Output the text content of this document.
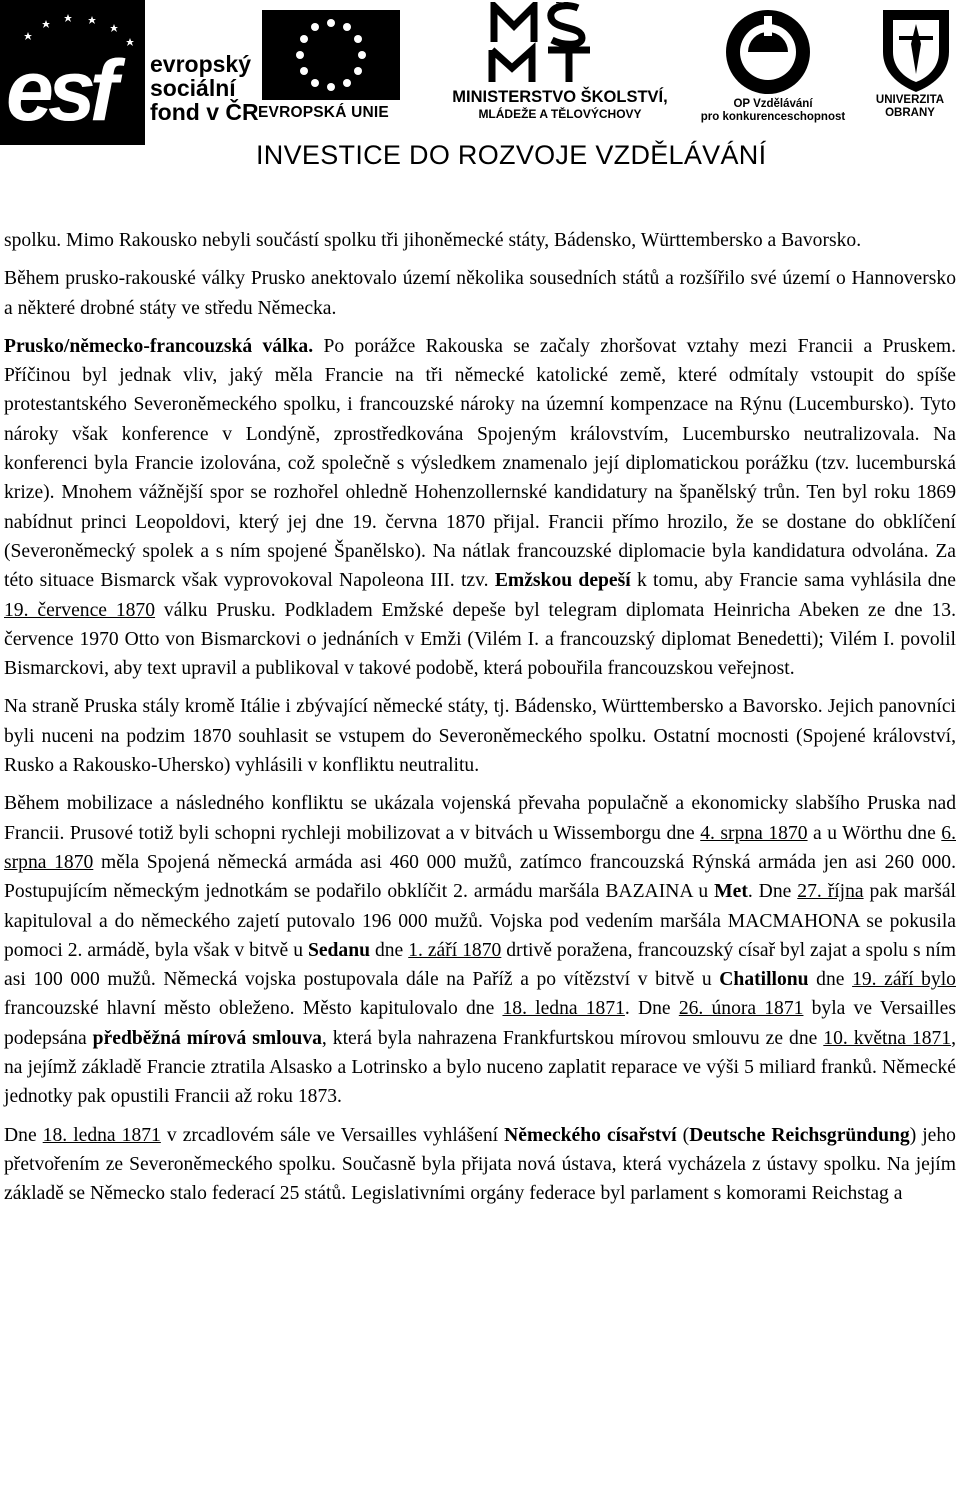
esf evropský
sociální
fond v ČR EVROPSKÁ UNIE
MINISTERSTVO ŠKOLSTVÍ,
MLÁDEŽE A TĚLOVÝCHOVY
OP Vzdělávání
pro konkurenceschopnost
UNIVERZITA
OBRANY
INVESTICE DO ROZVOJE VZDĚLÁVÁNÍ

spolku. Mimo Rakousko nebyli součástí spolku tři jihoněmecké státy, Bádensko, Württembersko a Bavorsko.

Během prusko-rakouské války Prusko anektovalo území několika sousedních států a rozšířilo své území o Hannoversko a některé drobné státy ve středu Německa.

Prusko/německo-francouzská válka. Po porážce Rakouska se začaly zhoršovat vztahy mezi Francii a Pruskem. Příčinou byl jednak vliv, jaký měla Francie na tři německé katolické země, které odmítaly vstoupit do spíše protestantského Severoněmeckého spolku, i francouzské nároky na územní kompenzace na Rýnu (Lucembursko). Tyto nároky však konference v Londýně, zprostředkována Spojeným královstvím, Lucembursko neutralizovala. Na konferenci byla Francie izolována, což společně s výsledkem znamenalo její diplomatickou porážku (tzv. lucemburská krize). Mnohem vážnější spor se rozhořel ohledně Hohenzollernské kandidatury na španělský trůn. Ten byl roku 1869 nabídnut princi Leopoldovi, který jej dne 19. června 1870 přijal. Francii přímo hrozilo, že se dostane do obklíčení (Severoněmecký spolek a s ním spojené Španělsko). Na nátlak francouzské diplomacie byla kandidatura odvolána. Za této situace Bismarck však vyprovokoval Napoleona III. tzv. Emžskou depeší k tomu, aby Francie sama vyhlásila dne 19. července 1870 válku Prusku. Podkladem Emžské depeše byl telegram diplomata Heinricha Abeken ze dne 13. července 1970 Otto von Bismarckovi o jednáních v Emži (Vilém I. a francouzský diplomat Benedetti); Vilém I. povolil Bismarckovi, aby text upravil a publikoval v takové podobě, která pobouřila francouzskou veřejnost.

Na straně Pruska stály kromě Itálie i zbývající německé státy, tj. Bádensko, Württembersko a Bavorsko. Jejich panovníci byli nuceni na podzim 1870 souhlasit se vstupem do Severoněmeckého spolku. Ostatní mocnosti (Spojené království, Rusko a Rakousko-Uhersko) vyhlásili v konfliktu neutralitu.

Během mobilizace a následného konfliktu se ukázala vojenská převaha populačně a ekonomicky slabšího Pruska nad Francii. Prusové totiž byli schopni rychleji mobilizovat a v bitvách u Wissemborgu dne 4. srpna 1870 a u Wörthu dne 6. srpna 1870 měla Spojená německá armáda asi 460 000 mužů, zatímco francouzská Rýnská armáda jen asi 260 000. Postupujícím německým jednotkám se podařilo obklíčit 2. armádu maršála BAZAINA u Met. Dne 27. října pak maršál kapituloval a do německého zajetí putovalo 196 000 mužů. Vojska pod vedením maršála MACMAHONA se pokusila pomoci 2. armádě, byla však v bitvě u Sedanu dne 1. září 1870 drtivě poražena, francouzský císař byl zajat a spolu s ním asi 100 000 mužů. Německá vojska postupovala dále na Paříž a po vítězství v bitvě u Chatillonu dne 19. září bylo francouzské hlavní město obleženo. Město kapitulovalo dne 18. ledna 1871. Dne 26. února 1871 byla ve Versailles podepsána předběžná mírová smlouva, která byla nahrazena Frankfurtskou mírovou smlouvu ze dne 10. května 1871, na jejímž základě Francie ztratila Alsasko a Lotrinsko a bylo nuceno zaplatit reparace ve výši 5 miliard franků. Německé jednotky pak opustili Francii až roku 1873.

Dne 18. ledna 1871 v zrcadlovém sále ve Versailles vyhlášení Německého císařství (Deutsche Reichsgründung) jeho přetvořením ze Severoněmeckého spolku. Současně byla přijata nová ústava, která vycházela z ústavy spolku. Na jejím základě se Německo stalo federací 25 států. Legislativními orgány federace byl parlament s komorami Reichstag a
